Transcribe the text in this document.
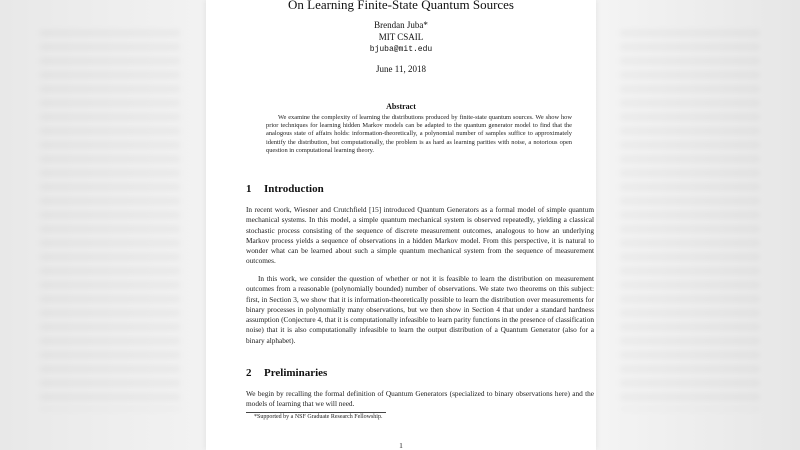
On Learning Finite-State Quantum Sources
Brendan Juba*
MIT CSAIL
bjuba@mit.edu
June 11, 2018
Abstract
We examine the complexity of learning the distributions produced by finite-state quantum sources. We show how prior techniques for learning hidden Markov models can be adapted to the quantum generator model to find that the analogous state of affairs holds: information-theoretically, a polynomial number of samples suffice to approximately identify the distribution, but computationally, the problem is as hard as learning parities with noise, a notorious open question in computational learning theory.
1 Introduction
In recent work, Wiesner and Crutchfield [15] introduced Quantum Generators as a formal model of simple quantum mechanical systems. In this model, a simple quantum mechanical system is observed repeatedly, yielding a classical stochastic process consisting of the sequence of discrete measurement outcomes, analogous to how an underlying Markov process yields a sequence of observations in a hidden Markov model. From this perspective, it is natural to wonder what can be learned about such a simple quantum mechanical system from the sequence of measurement outcomes.
In this work, we consider the question of whether or not it is feasible to learn the distribution on measurement outcomes from a reasonable (polynomially bounded) number of observations. We state two theorems on this subject: first, in Section 3, we show that it is information-theoretically possible to learn the distribution over measurements for binary processes in polynomially many observations, but we then show in Section 4 that under a standard hardness assumption (Conjecture 4, that it is computationally infeasible to learn parity functions in the presence of classification noise) that it is also computationally infeasible to learn the output distribution of a Quantum Generator (also for a binary alphabet).
2 Preliminaries
We begin by recalling the formal definition of Quantum Generators (specialized to binary observations here) and the models of learning that we will need.
*Supported by a NSF Graduate Research Fellowship.
1
